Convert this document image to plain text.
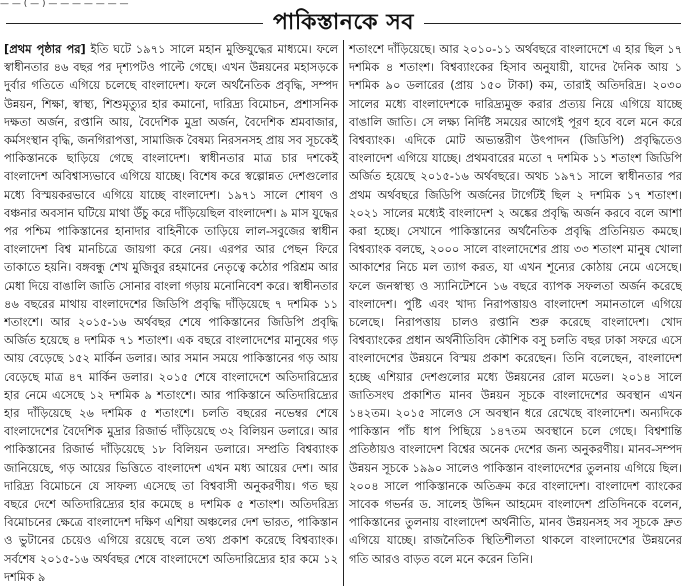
— — ( — ) — — — — — — —
পাকিস্তানকে সব
[প্রথম পৃষ্ঠার পর] ইতি ঘটে ১৯৭১ সালে মহান মুক্তিযুদ্ধের মাধ্যমে। ফলে স্বাধীনতার ৪৬ বছর পর দৃশ্যপটও পাল্টে গেছে। এখন উন্নয়নের মহাসড়কে দুর্বার গতিতে এগিয়ে চলেছে বাংলাদেশ। ফলে অর্থনৈতিক প্রবৃদ্ধি, সম্পদ উন্নয়ন, শিক্ষা, স্বাস্থ্য, শিশুমৃত্যুর হার কমানো, দারিদ্র্য বিমোচন, প্রশাসনিক দক্ষতা অর্জন, রপ্তানি আয়, বৈদেশিক মুদ্রা অর্জন, বৈদেশিক শ্রমবাজার, কর্মসংস্থান বৃদ্ধি, জনগিরাপত্তা, সামাজিক বৈষম্য নিরসনসহ প্রায় সব সূচকেই পাকিস্তানকে ছাড়িয়ে গেছে বাংলাদেশ। স্বাধীনতার মাত্র চার দশকেই বাংলাদেশ অবিশ্বাস্যভাবে এগিয়ে যাচ্ছে। বিশেষ করে স্বল্পোন্নত দেশগুলোর মধ্যে বিস্ময়করভাবে এগিয়ে যাচ্ছে বাংলাদেশ। ১৯৭১ সালে শোষণ ও বঞ্চনার অবসান ঘটিয়ে মাথা উঁচু করে দাঁড়িয়েছিল বাংলাদেশ। ৯ মাস যুদ্ধের পর পশ্চিম পাকিস্তানের হানাদার বাহিনীকে তাড়িয়ে লাল-সবুজের স্বাধীন বাংলাদেশ বিশ্ব মানচিত্রে জায়গা করে নেয়। এরপর আর পেছন ফিরে তাকাতে হয়নি। বঙ্গবন্ধু শেখ মুজিবুর রহমানের নেতৃত্বে কঠোর পরিশ্রম আর মেধা দিয়ে বাঙালি জাতি সোনার বাংলা গড়ায় মনোনিবেশ করে। স্বাধীনতার ৪৬ বছরের মাথায় বাংলাদেশের জিডিপি প্রবৃদ্ধি দাঁড়িয়েছে ৭ দশমিক ১১ শতাংশে। আর ২০১৫-১৬ অর্থবছর শেষে পাকিস্তানের জিডিপি প্রবৃদ্ধি অর্জিত হয়েছে ৪ দশমিক ৭১ শতাংশ। এক বছরে বাংলাদেশের মানুষের গড় আয় বেড়েছে ১৫২ মার্কিন ডলার। আর সমান সময়ে পাকিস্তানের গড় আয় বেড়েছে মাত্র ৪৭ মার্কিন ডলার। ২০১৫ শেষে বাংলাদেশে অতিদারিদ্র্যের হার নেমে এসেছে ১২ দশমিক ৯ শতাংশে। আর পাকিস্তানে অতিদারিদ্র্যের হার দাঁড়িয়েছে ২৬ দশমিক ৫ শতাংশে। চলতি বছরের নভেম্বর শেষে বাংলাদেশের বৈদেশিক মুদ্রার রিজার্ভ দাঁড়িয়েছে ৩২ বিলিয়ন ডলারে। আর পাকিস্তানের রিজার্ভ দাঁড়িয়েছে ১৮ বিলিয়ন ডলারে। সম্প্রতি বিশ্বব্যাংক জানিয়েছে, গড় আয়ের ভিত্তিতে বাংলাদেশ এখন মধ্য আয়ের দেশ। আর দারিদ্র্য বিমোচনে যে সাফল্য এসেছে তা বিশ্ববাসী অনুকরণীয়। গত ছয় বছরে দেশে অতিদারিদ্র্যের হার কমেছে ৪ দশমিক ৫ শতাংশ। অতিদরিদ্র্য বিমোচনের ক্ষেত্রে বাংলাদেশ দক্ষিণ এশিয়া অঞ্চলের দেশ ভারত, পাকিস্তান ও ভুটানের চেয়েও এগিয়ে রয়েছে বলে তথ্য প্রকাশ করেছে বিশ্বব্যাংক। সর্বশেষ ২০১৫-১৬ অর্থবছর শেষে বাংলাদেশে অতিদারিদ্র্যের হার কমে ১২ দশমিক ৯
শতাংশে দাঁড়িয়েছে। আর ২০১০-১১ অর্থবছরে বাংলাদেশে এ হার ছিল ১৭ দশমিক ৪ শতাংশ। বিশ্বব্যাংকের হিসাব অনুযায়ী, যাদের দৈনিক আয় ১ দশমিক ৯০ ডলারের (প্রায় ১৫০ টাকা) কম, তারাই অতিদরিদ্র। ২০৩০ সালের মধ্যে বাংলাদেশকে দারিদ্র্যমুক্ত করার প্রত্যয় নিয়ে এগিয়ে যাচ্ছে বাঙালি জাতি। সে লক্ষ্য নির্দিষ্ট সময়ের আগেই পূরণ হবে বলে মনে করে বিশ্বব্যাংক। এদিকে মোট অভ্যন্তরীণ উৎপাদন (জিডিপি) প্রবৃদ্ধিতেও বাংলাদেশ এগিয়ে যাচ্ছে। প্রথমবারের মতো ৭ দশমিক ১১ শতাংশ জিডিপি অর্জিত হয়েছে ২০১৫-১৬ অর্থবছরে। অথচ ১৯৭১ সালে স্বাধীনতার পর প্রথম অর্থবছরে জিডিপি অর্জনের টার্গেটই ছিল ২ দশমিক ১৭ শতাংশ। ২০২১ সালের মধ্যেই বাংলাদেশ ২ অঙ্কের প্রবৃদ্ধি অর্জন করবে বলে আশা করা হচ্ছে। সেখানে পাকিস্তানের অর্থনৈতিক প্রবৃদ্ধি প্রতিনিয়ত কমছে। বিশ্বব্যাংক বলছে, ২০০০ সালে বাংলাদেশের প্রায় ৩৩ শতাংশ মানুষ খোলা আকাশের নিচে মল ত্যাগ করত, যা এখন শূন্যের কোঠায় নেমে এসেছে। ফলে জনস্বাস্থ্য ও স্যানিটেশনে ১৬ বছরে ব্যাপক সফলতা অর্জন করেছে বাংলাদেশ। পুষ্টি এবং খাদ্য নিরাপত্তায়ও বাংলাদেশ সমানতালে এগিয়ে চলেছে। নিরাপত্তায় চালও রপ্তানি শুরু করেছে বাংলাদেশ। খোদ বিশ্বব্যাংকের প্রধান অর্থনীতিবিদ কৌশিক বসু চলতি বছর ঢাকা সফরে এসে বাংলাদেশের উন্নয়নে বিস্ময় প্রকাশ করেছেন। তিনি বলেছেন, বাংলাদেশ হচ্ছে এশিয়ার দেশগুলোর মধ্যে উন্নয়নের রোল মডেল। ২০১৪ সালে জাতিসংঘ প্রকাশিত মানব উন্নয়ন সূচকে বাংলাদেশের অবস্থান এখন ১৪২তম। ২০১৫ সালেও সে অবস্থান ধরে রেখেছে বাংলাদেশ। অন্যদিকে পাকিস্তান পাঁচ ধাপ পিছিয়ে ১৪৭তম অবস্থানে চলে গেছে। বিশ্বশান্তি প্রতিষ্ঠায়ও বাংলাদেশ বিশ্বের অনেক দেশের জন্য অনুকরণীয়। মানব-সম্পদ উন্নয়ন সূচকে ১৯৯০ সালেও পাকিস্তান বাংলাদেশের তুলনায় এগিয়ে ছিল। ২০০৪ সালে পাকিস্তানকে অতিক্রম করে বাংলাদেশ। বাংলাদেশ ব্যাংকের সাবেক গভর্নর ড. সালেহ উদ্দিন আহমেদ বাংলাদেশ প্রতিদিনকে বলেন, পাকিস্তানের তুলনায় বাংলাদেশ অর্থনীতি, মানব উন্নয়নসহ সব সূচকে দ্রুত এগিয়ে যাচ্ছে। রাজনৈতিক স্থিতিশীলতা থাকলে বাংলাদেশের উন্নয়নের গতি আরও বাড়ত বলে মনে করেন তিনি।
